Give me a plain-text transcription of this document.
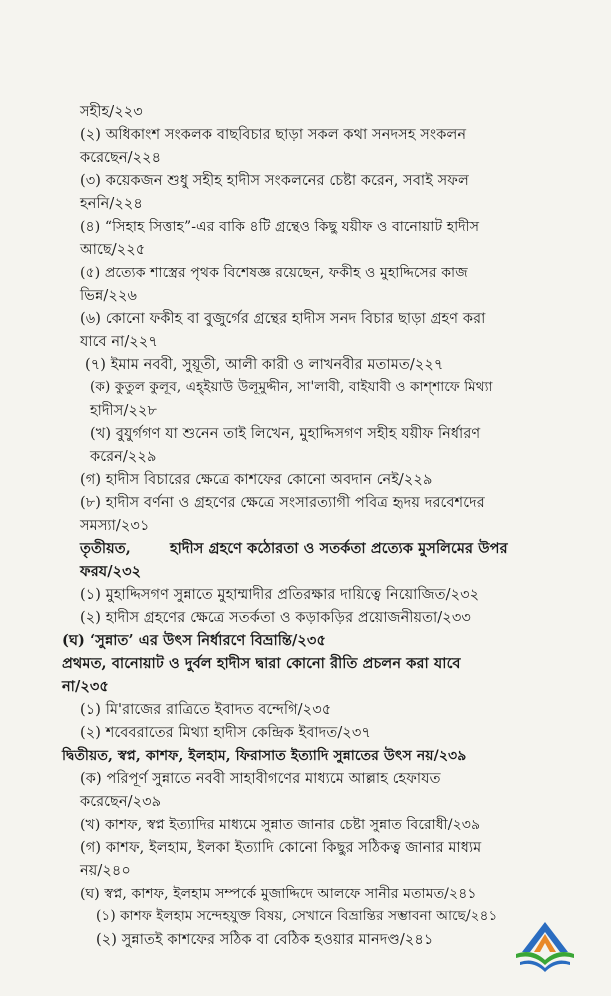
সহীহ/২২৩
(২) অধিকাংশ সংকলক বাছবিচার ছাড়া সকল কথা সনদসহ সংকলন
করেছেন/২২৪
(৩) কয়েকজন শুধু সহীহ হাদীস সংকলনের চেষ্টা করেন, সবাই সফল
হননি/২২৪
(৪) “সিহাহ সিত্তাহ”-এর বাকি ৪টি গ্রন্থেও কিছু যয়ীফ ও বানোয়াট হাদীস
আছে/২২৫
(৫) প্রত্যেক শাস্ত্রের পৃথক বিশেষজ্ঞ রয়েছেন, ফকীহ ও মুহাদ্দিসের কাজ
ভিন্ন/২২৬
(৬) কোনো ফকীহ বা বুজুর্গের গ্রন্থের হাদীস সনদ বিচার ছাড়া গ্রহণ করা
যাবে না/২২৭
(৭) ইমাম নববী, সুয়ূতী, আলী কারী ও লাখনবীর মতামত/২২৭
(ক) কুতুল কুলূব, এহ্ইয়াউ উলূমুদ্দীন, সা'লাবী, বাইযাবী ও কাশ্শাফে মিথ্যা
হাদীস/২২৮
(খ) বুযুর্গগণ যা শুনেন তাই লিখেন, মুহাদ্দিসগণ সহীহ যয়ীফ নির্ধারণ
করেন/২২৯
(গ) হাদীস বিচারের ক্ষেত্রে কাশফের কোনো অবদান নেই/২২৯
(৮) হাদীস বর্ণনা ও গ্রহণের ক্ষেত্রে সংসারত্যাগী পবিত্র হৃদয় দরবেশদের
সমস্যা/২৩১
তৃতীয়ত,	হাদীস গ্রহণে কঠোরতা ও সতর্কতা প্রত্যেক মুসলিমের উপর
ফরয/২৩২
(১) মুহাদ্দিসগণ সুন্নাতে মুহাম্মাদীর প্রতিরক্ষার দায়িত্বে নিয়োজিত/২৩২
(২) হাদীস গ্রহণের ক্ষেত্রে সতর্কতা ও কড়াকড়ির প্রয়োজনীয়তা/২৩৩
(ঘ) ‘সুন্নাত’ এর উৎস নির্ধারণে বিভ্রান্তি/২৩৫
প্রথমত, বানোয়াট ও দুর্বল হাদীস দ্বারা কোনো রীতি প্রচলন করা যাবে
না/২৩৫
(১) মি'রাজের রাত্রিতে ইবাদত বন্দেগি/২৩৫
(২) শবেবরাতের মিথ্যা হাদীস কেন্দ্রিক ইবাদত/২৩৭
দ্বিতীয়ত, স্বপ্ন, কাশফ, ইলহাম, ফিরাসাত ইত্যাদি সুন্নাতের উৎস নয়/২৩৯
(ক) পরিপূর্ণ সুন্নাতে নববী সাহাবীগণের মাধ্যমে আল্লাহ হেফাযত
করেছেন/২৩৯
(খ) কাশফ, স্বপ্ন ইত্যাদির মাধ্যমে সুন্নাত জানার চেষ্টা সুন্নাত বিরোধী/২৩৯
(গ) কাশফ, ইলহাম, ইলকা ইত্যাদি কোনো কিছুর সঠিকত্ব জানার মাধ্যম
নয়/২৪০
(ঘ) স্বপ্ন, কাশফ, ইলহাম সম্পর্কে মুজাদ্দিদে আলফে সানীর মতামত/২৪১
(১) কাশফ ইলহাম সন্দেহযুক্ত বিষয়, সেখানে বিভ্রান্তির সম্ভাবনা আছে/২৪১
(২) সুন্নাতই কাশফের সঠিক বা বেঠিক হওয়ার মানদণ্ড/২৪১
